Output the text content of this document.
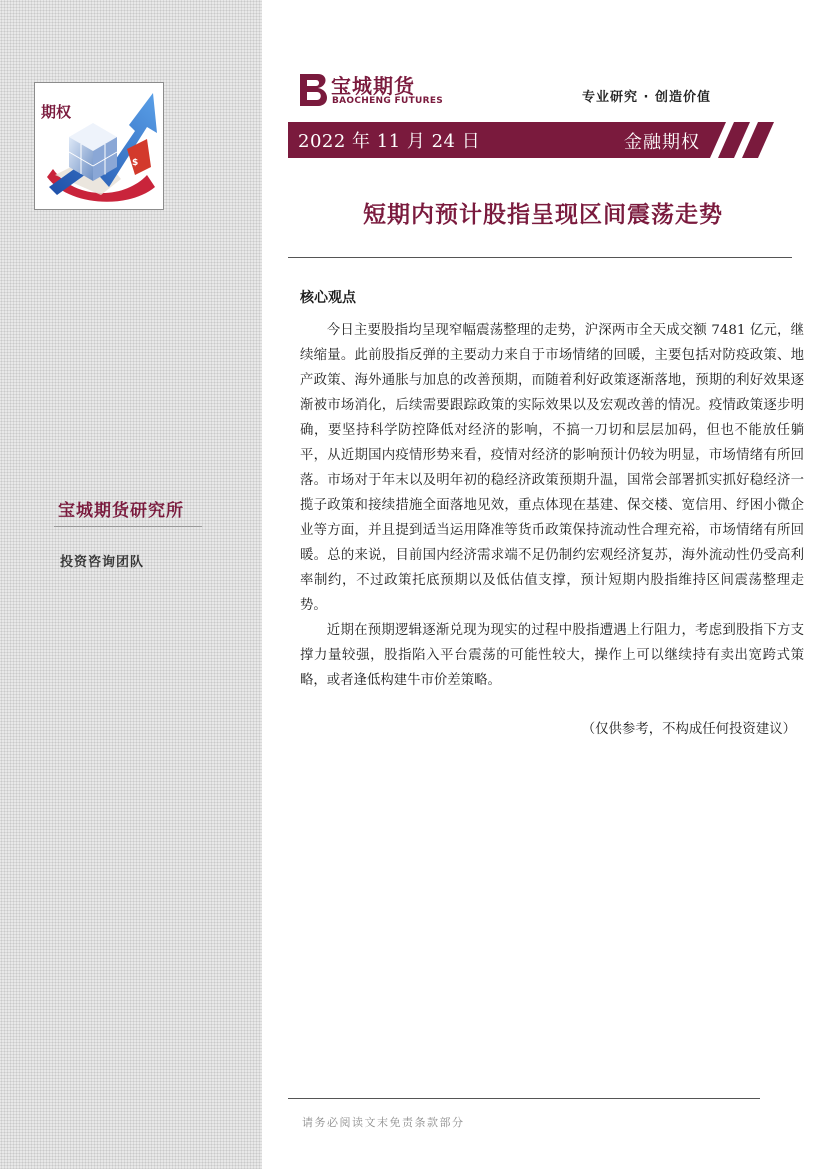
$
期权
宝城期货研究所
投资咨询团队
宝城期货
BAOCHENG FUTURES	专业研究 · 创造价值
2022 年 11 月 24 日	金融期权
短期内预计股指呈现区间震荡走势
核心观点

今日主要股指均呈现窄幅震荡整理的走势，沪深两市全天成交额 7481 亿元，继续缩量。此前股指反弹的主要动力来自于市场情绪的回暖，主要包括对防疫政策、地产政策、海外通胀与加息的改善预期，而随着利好政策逐渐落地，预期的利好效果逐渐被市场消化，后续需要跟踪政策的实际效果以及宏观改善的情况。疫情政策逐步明确，要坚持科学防控降低对经济的影响，不搞一刀切和层层加码，但也不能放任躺平，从近期国内疫情形势来看，疫情对经济的影响预计仍较为明显，市场情绪有所回落。市场对于年末以及明年初的稳经济政策预期升温，国常会部署抓实抓好稳经济一揽子政策和接续措施全面落地见效，重点体现在基建、保交楼、宽信用、纾困小微企业等方面，并且提到适当运用降准等货币政策保持流动性合理充裕，市场情绪有所回暖。总的来说，目前国内经济需求端不足仍制约宏观经济复苏，海外流动性仍受高利率制约，不过政策托底预期以及低估值支撑，预计短期内股指维持区间震荡整理走势。

近期在预期逻辑逐渐兑现为现实的过程中股指遭遇上行阻力，考虑到股指下方支撑力量较强，股指陷入平台震荡的可能性较大，操作上可以继续持有卖出宽跨式策略，或者逢低构建牛市价差策略。

（仅供参考，不构成任何投资建议）
请务必阅读文末免责条款部分
